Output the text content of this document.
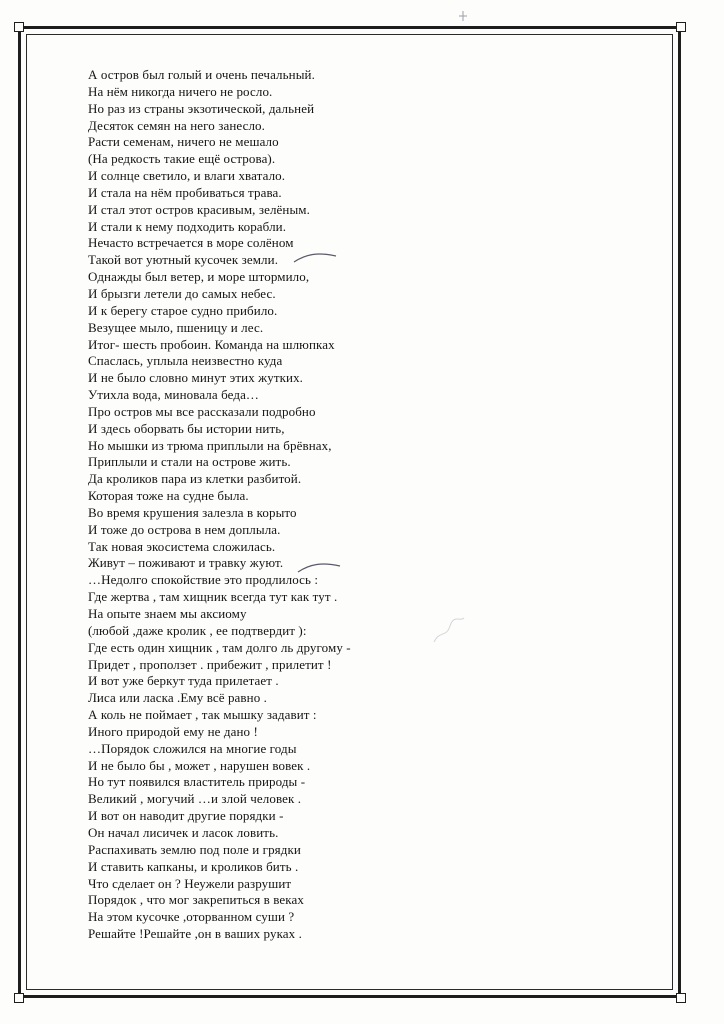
А остров был голый и очень печальный.
На нём никогда ничего не росло.
Но раз из страны экзотической, дальней
Десяток семян на него занесло.
Расти семенам, ничего не мешало
(На редкость такие ещё острова).
И солнце светило, и влаги хватало.
И стала на нём пробиваться трава.
И стал этот остров красивым, зелёным.
И стали к нему подходить корабли.
Нечасто встречается в море солёном
Такой вот уютный кусочек земли.
Однажды был ветер, и море штормило,
И брызги летели до самых небес.
И к берегу старое судно прибило.
Везущее мыло, пшеницу и лес.
Итог- шесть пробоин. Команда на шлюпках
Спаслась, уплыла неизвестно куда
И не было словно минут этих жутких.
Утихла вода, миновала беда…
Про остров мы все рассказали подробно
И здесь оборвать бы истории нить,
Но мышки из трюма приплыли на брёвнах,
Приплыли и стали на острове жить.
Да кроликов пара из клетки разбитой.
Которая тоже на судне была.
Во время крушения залезла в корыто
И тоже до острова в нем доплыла.
Так новая экосистема сложилась.
Живут – поживают и травку жуют.
…Недолго спокойствие это продлилось :
Где жертва , там хищник всегда тут как тут .
На опыте знаем мы аксиому
(любой ,даже кролик , ее подтвердит ):
Где есть один хищник , там долго ль другому -
Придет , проползет . прибежит , прилетит !
И вот уже беркут туда прилетает .
Лиса или ласка .Ему всё равно .
А коль не поймает , так мышку задавит :
Иного природой ему не дано !
…Порядок сложился на многие годы
И не было бы , может , нарушен вовек .
Но тут появился властитель природы -
Великий , могучий …и злой человек .
И вот он наводит другие порядки -
Он начал лисичек и ласок ловить.
Распахивать землю под поле и грядки
И ставить капканы, и кроликов бить .
Что сделает он ? Неужели разрушит
Порядок , что мог закрепиться в веках
На этом кусочке ,оторванном суши ?
Решайте !Решайте ,он в ваших руках .
